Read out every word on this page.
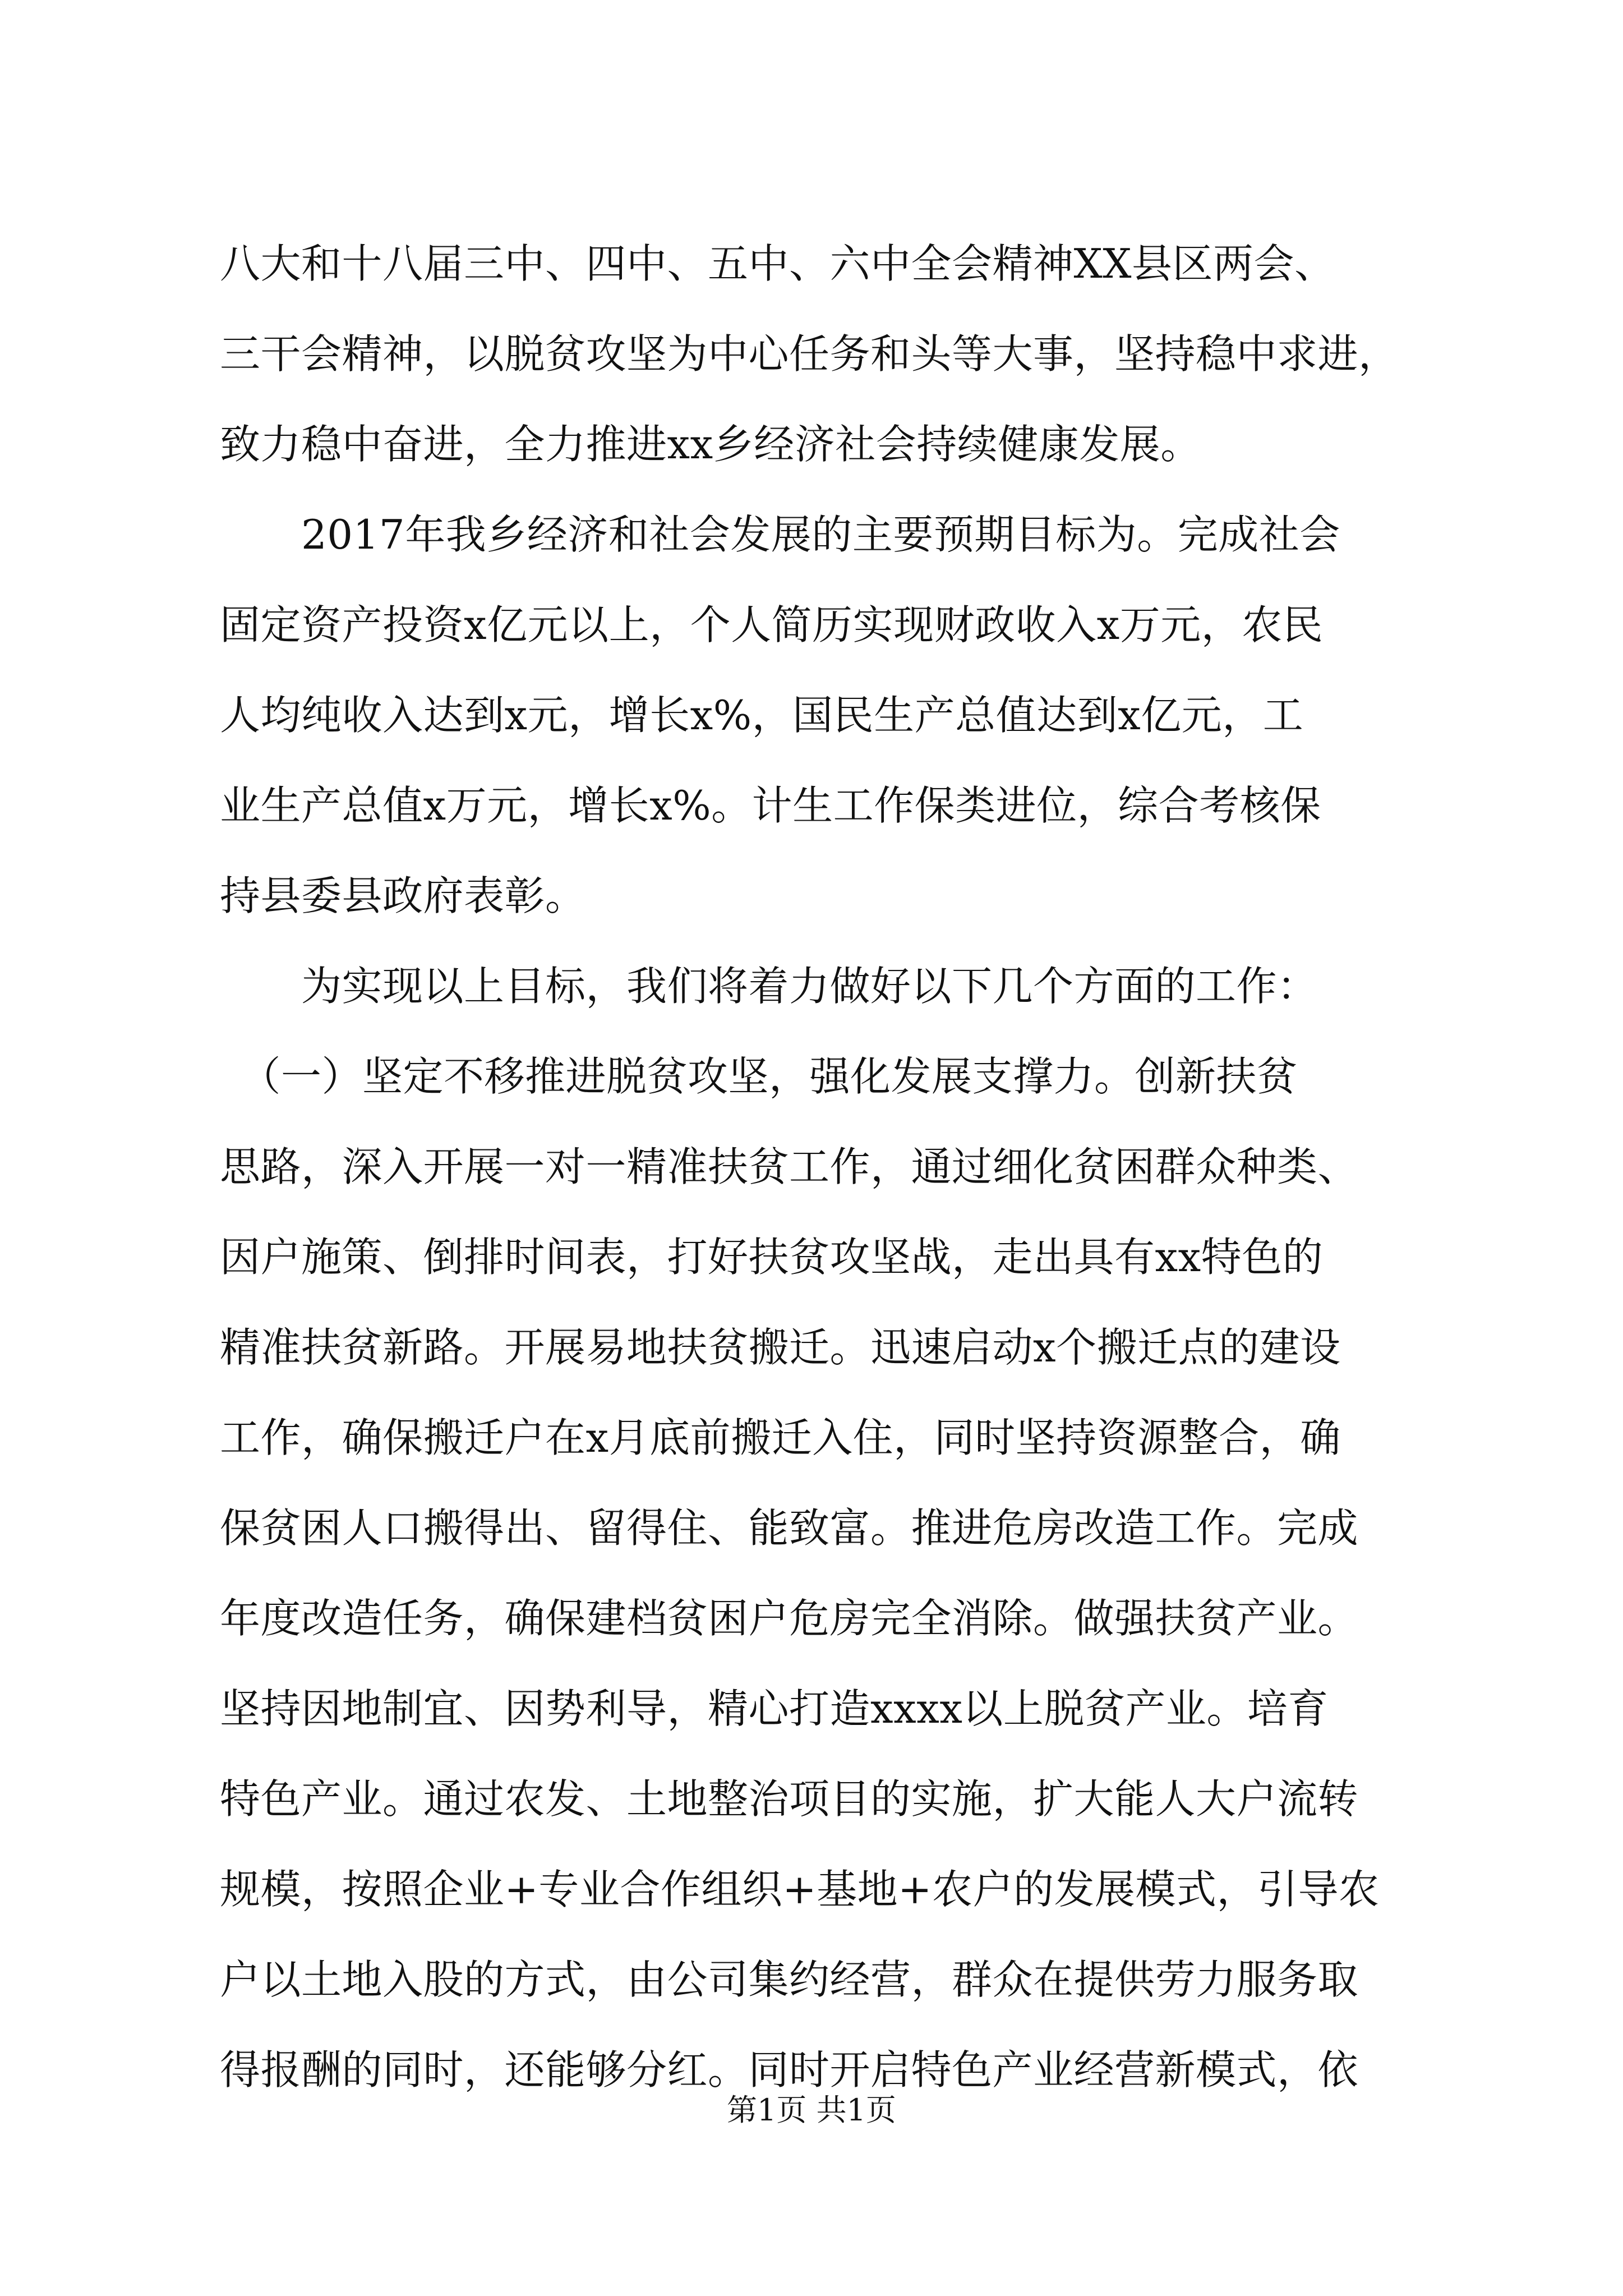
八大和十八届三中、四中、五中、六中全会精神XX县区两会、
三干会精神，以脱贫攻坚为中心任务和头等大事，坚持稳中求进，
致力稳中奋进，全力推进xx乡经济社会持续健康发展。
　　2017年我乡经济和社会发展的主要预期目标为。完成社会
固定资产投资x亿元以上，个人简历实现财政收入x万元，农民
人均纯收入达到x元，增长x%，国民生产总值达到x亿元，工
业生产总值x万元，增长x%。计生工作保类进位，综合考核保
持县委县政府表彰。
　　为实现以上目标，我们将着力做好以下几个方面的工作：
　（一）坚定不移推进脱贫攻坚，强化发展支撑力。创新扶贫
思路，深入开展一对一精准扶贫工作，通过细化贫困群众种类、
因户施策、倒排时间表，打好扶贫攻坚战，走出具有xx特色的
精准扶贫新路。开展易地扶贫搬迁。迅速启动x个搬迁点的建设
工作，确保搬迁户在x月底前搬迁入住，同时坚持资源整合，确
保贫困人口搬得出、留得住、能致富。推进危房改造工作。完成
年度改造任务，确保建档贫困户危房完全消除。做强扶贫产业。
坚持因地制宜、因势利导，精心打造xxxx以上脱贫产业。培育
特色产业。通过农发、土地整治项目的实施，扩大能人大户流转
规模，按照企业+专业合作组织+基地+农户的发展模式，引导农
户以土地入股的方式，由公司集约经营，群众在提供劳力服务取
得报酬的同时，还能够分红。同时开启特色产业经营新模式，依
第1页 共1页
